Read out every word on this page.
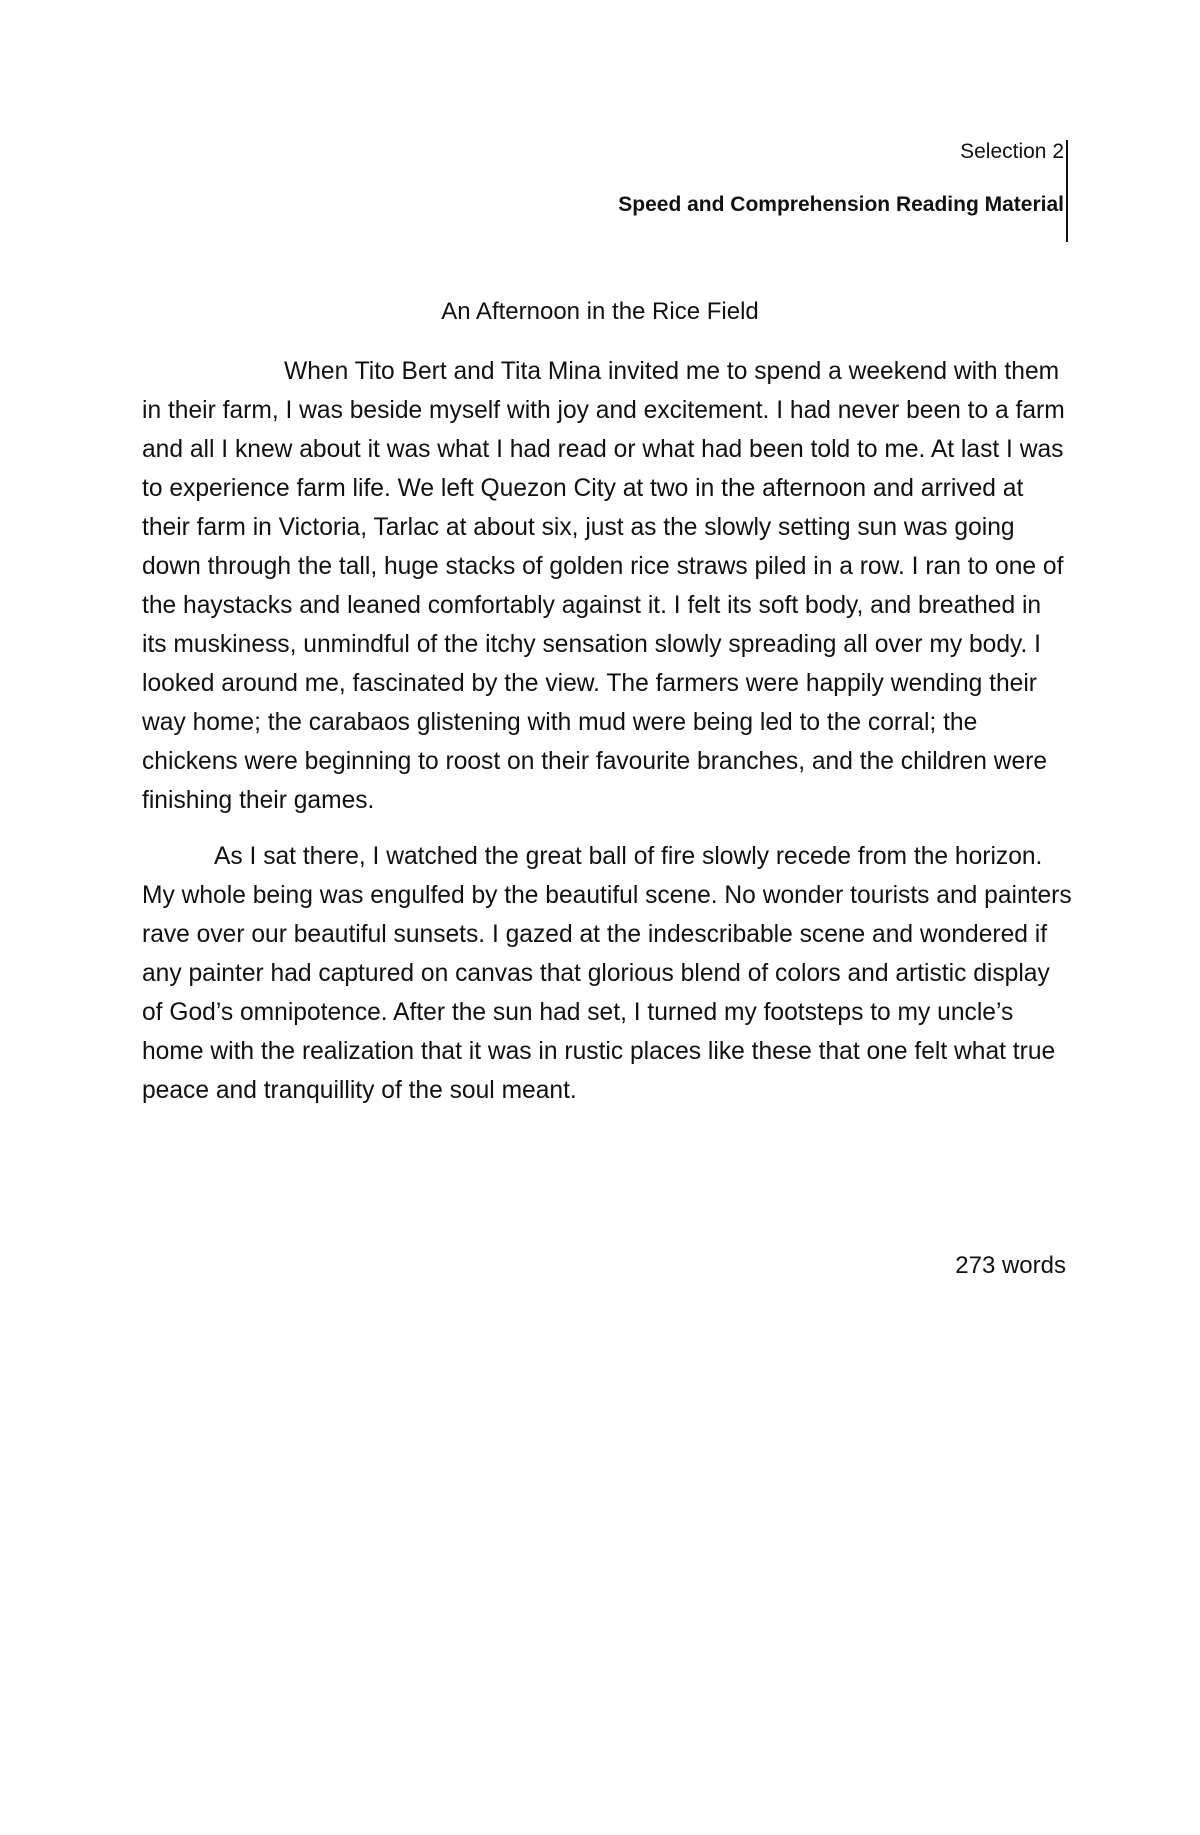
Selection 2

Speed and Comprehension Reading Material

An Afternoon in the Rice Field

When Tito Bert and Tita Mina invited me to spend a weekend with them in their farm, I was beside myself with joy and excitement. I had never been to a farm and all I knew about it was what I had read or what had been told to me. At last I was to experience farm life. We left Quezon City at two in the afternoon and arrived at their farm in Victoria, Tarlac at about six, just as the slowly setting sun was going down through the tall, huge stacks of golden rice straws piled in a row. I ran to one of the haystacks and leaned comfortably against it. I felt its soft body, and breathed in its muskiness, unmindful of the itchy sensation slowly spreading all over my body. I looked around me, fascinated by the view. The farmers were happily wending their way home; the carabaos glistening with mud were being led to the corral; the chickens were beginning to roost on their favourite branches, and the children were finishing their games.

As I sat there, I watched the great ball of fire slowly recede from the horizon. My whole being was engulfed by the beautiful scene. No wonder tourists and painters rave over our beautiful sunsets. I gazed at the indescribable scene and wondered if any painter had captured on canvas that glorious blend of colors and artistic display of God’s omnipotence. After the sun had set, I turned my footsteps to my uncle’s home with the realization that it was in rustic places like these that one felt what true peace and tranquillity of the soul meant.

273 words
